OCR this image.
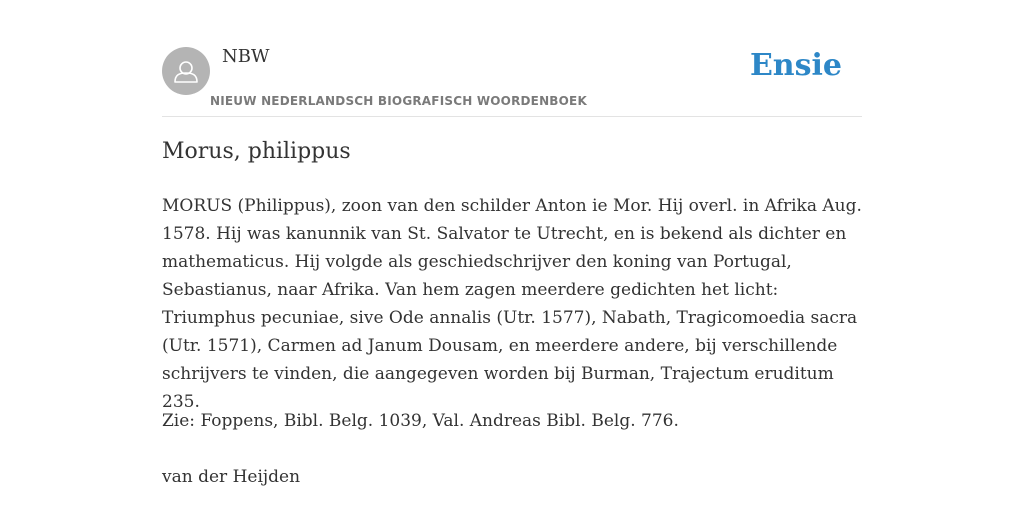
NBW
NIEUW NEDERLANDSCH BIOGRAFISCH WOORDENBOEK
Ensie
Morus, philippus

MORUS (Philippus), zoon van den schilder Anton ie Mor. Hij overl. in Afrika Aug. 1578. Hij was kanunnik van St. Salvator te Utrecht, en is bekend als dichter en mathematicus. Hij volgde als geschiedschrijver den koning van Portugal, Sebastianus, naar Afrika. Van hem zagen meerdere gedichten het licht: Triumphus pecuniae, sive Ode annalis (Utr. 1577), Nabath, Tragicomoedia sacra (Utr. 1571), Carmen ad Janum Dousam, en meerdere andere, bij verschillende schrijvers te vinden, die aangegeven worden bij Burman, Trajectum eruditum 235.

Zie: Foppens, Bibl. Belg. 1039, Val. Andreas Bibl. Belg. 776.

van der Heijden
